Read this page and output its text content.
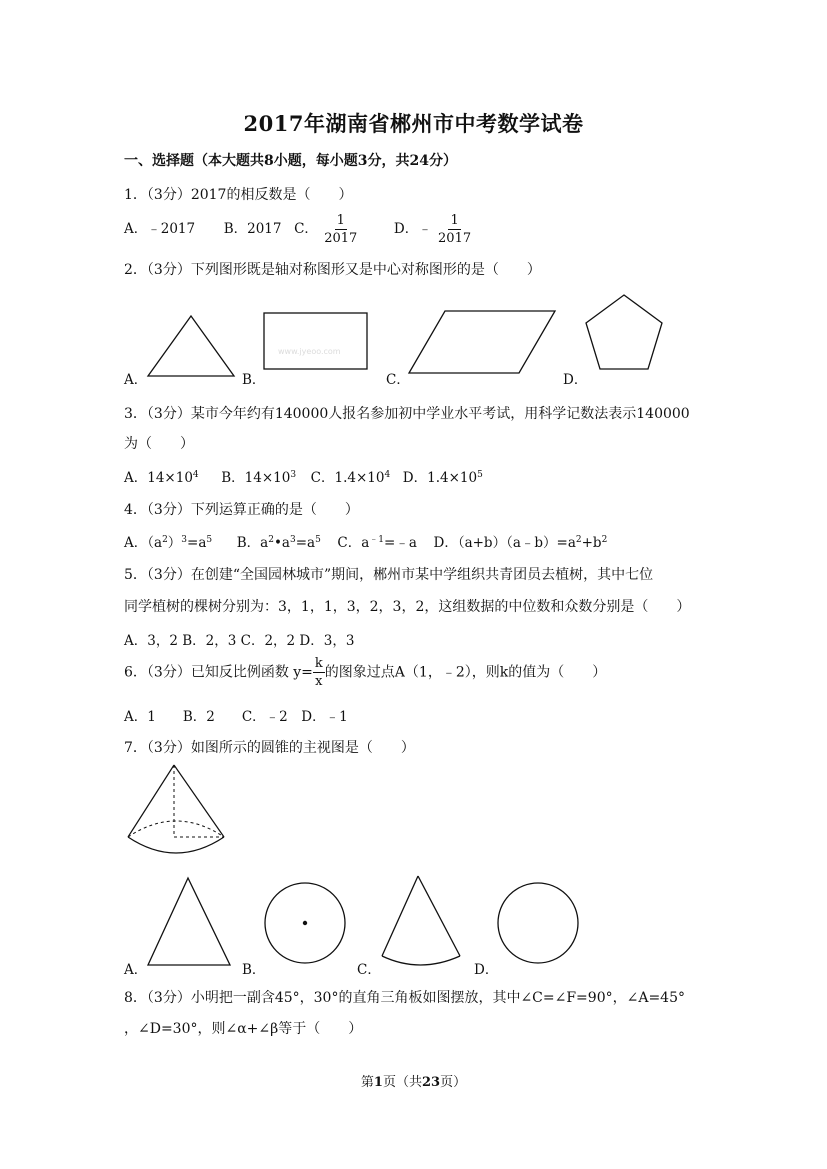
2017年湖南省郴州市中考数学试卷
一、选择题（本大题共8小题，每小题3分，共24分）
1．（3分）2017的相反数是（　　）
A．﹣2017 B．2017 C． $\frac{1}{2017}$	D．﹣ $\frac{1}{2017}$
2．（3分）下列图形既是轴对称图形又是中心对称图形的是（　　）
www.jyeoo.com
A．	B．	C．	D．
3．（3分）某市今年约有140000人报名参加初中学业水平考试，用科学记数法表示140000
为（　　）
A．$14\times 10^4$ B．$14\times 10^3$ C．$1.4\times 10^4$ D．$1.4\times 10^5$
4．（3分）下列运算正确的是（　　）
A．$(a^2)^3=a^5$ B．$a^2•a^3=a^5$ C．$a^{﹣1}=﹣a$ D．$(a+b)(a﹣b)=a^2+b^2$
5．（3分）在创建“全国园林城市”期间，郴州市某中学组织共青团员去植树，其中七位
同学植树的棵树分别为：3，1，1，3，2，3，2，这组数据的中位数和众数分别是（　　）
A．3，2 B．2，3 C．2，2 D．3，3
6．（3分）已知反比例函数 $y= \frac{k}{x}$ 的图象过点A（1，﹣2），则k的值为（　　）
A．1　　B．2　　C．﹣2　D．﹣1
7．（3分）如图所示的圆锥的主视图是（　　）
A．	B．	C．	D．
8．（3分）小明把一副含45°，30°的直角三角板如图摆放，其中∠C=∠F=90°，∠A=45°
，∠D=30°，则∠α+∠β等于（　　）
第1页（共23页）
